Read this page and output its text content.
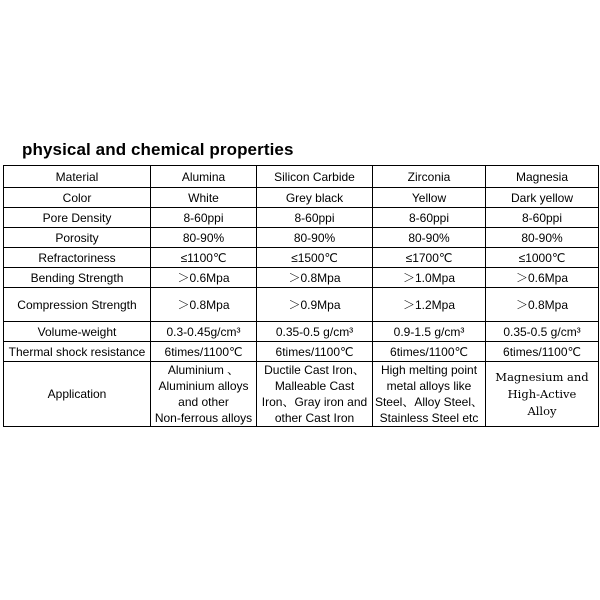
physical and chemical properties
Material	Alumina	Silicon Carbide	Zirconia	Magnesia
Color	White	Grey black	Yellow	Dark yellow
Pore Density	8-60ppi	8-60ppi	8-60ppi	8-60ppi
Porosity	80-90%	80-90%	80-90%	80-90%
Refractoriness	≤1100℃	≤1500℃	≤1700℃	≤1000℃
Bending Strength	＞0.6Mpa	＞0.8Mpa	＞1.0Mpa	＞0.6Mpa
Compression Strength	＞0.8Mpa	＞0.9Mpa	＞1.2Mpa	＞0.8Mpa
Volume-weight	0.3-0.45g/cm³	0.35-0.5 g/cm³	0.9-1.5 g/cm³	0.35-0.5 g/cm³
Thermal shock resistance	6times/1100℃	6times/1100℃	6times/1100℃	6times/1100℃
Application	Aluminium 、
Aluminium alloys
and other
Non-ferrous alloys	Ductile Cast Iron、
Malleable Cast
Iron、Gray iron and
other Cast Iron	High melting point
metal alloys like
Steel、Alloy Steel、
Stainless Steel etc	Magnesium and
High-Active
Alloy
